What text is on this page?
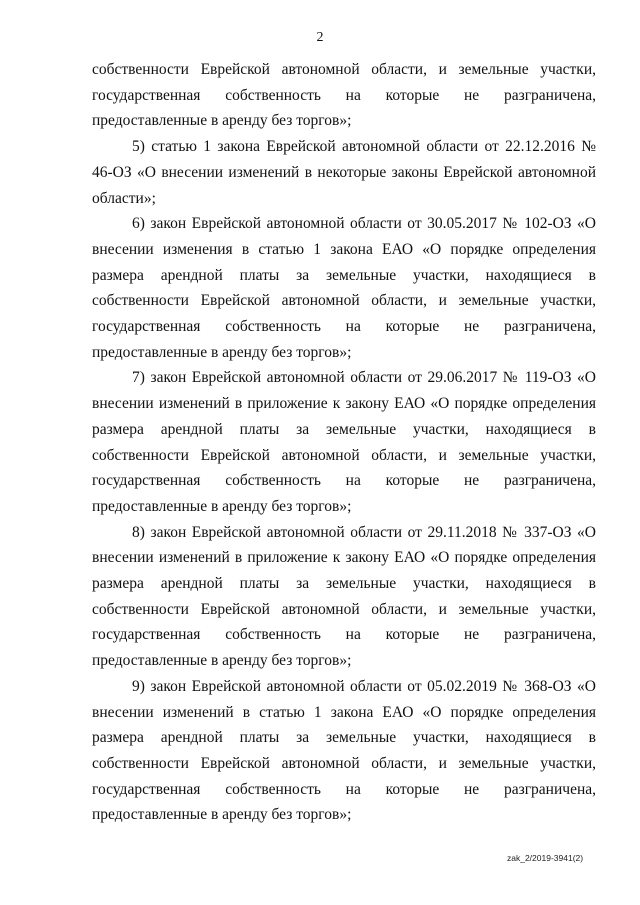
2

собственности Еврейской автономной области, и земельные участки, государственная собственность на которые не разграничена, предоставленные в аренду без торгов»;

5) статью 1 закона Еврейской автономной области от 22.12.2016 № 46-ОЗ «О внесении изменений в некоторые законы Еврейской автономной области»;

6) закон Еврейской автономной области от 30.05.2017 № 102-ОЗ «О внесении изменения в статью 1 закона ЕАО «О порядке определения размера арендной платы за земельные участки, находящиеся в собственности Еврейской автономной области, и земельные участки, государственная собственность на которые не разграничена, предоставленные в аренду без торгов»;

7) закон Еврейской автономной области от 29.06.2017 № 119-ОЗ «О внесении изменений в приложение к закону ЕАО «О порядке определения размера арендной платы за земельные участки, находящиеся в собственности Еврейской автономной области, и земельные участки, государственная собственность на которые не разграничена, предоставленные в аренду без торгов»;

8) закон Еврейской автономной области от 29.11.2018 № 337-ОЗ «О внесении изменений в приложение к закону ЕАО «О порядке определения размера арендной платы за земельные участки, находящиеся в собственности Еврейской автономной области, и земельные участки, государственная собственность на которые не разграничена, предоставленные в аренду без торгов»;

9) закон Еврейской автономной области от 05.02.2019 № 368-ОЗ «О внесении изменений в статью 1 закона ЕАО «О порядке определения размера арендной платы за земельные участки, находящиеся в собственности Еврейской автономной области, и земельные участки, государственная собственность на которые не разграничена, предоставленные в аренду без торгов»;

zak_2/2019-3941(2)
